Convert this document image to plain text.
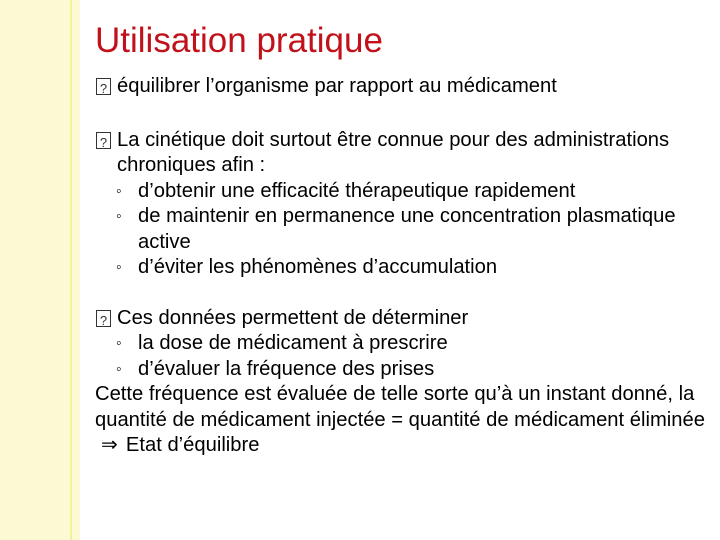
Utilisation pratique
?
équilibrer l’organisme par rapport au médicament
?
La cinétique doit surtout être connue pour des administrations chroniques afin :
◦ d’obtenir une efficacité thérapeutique rapidement
◦ de maintenir en permanence une concentration plasmatique active
◦ d’éviter les phénomènes d’accumulation
?
Ces données permettent de déterminer
◦ la dose de médicament à prescrire
◦ d’évaluer la fréquence des prises
Cette fréquence est évaluée de telle sorte qu’à un instant donné, la quantité de médicament injectée = quantité de médicament éliminée ⇒ Etat d’équilibre
